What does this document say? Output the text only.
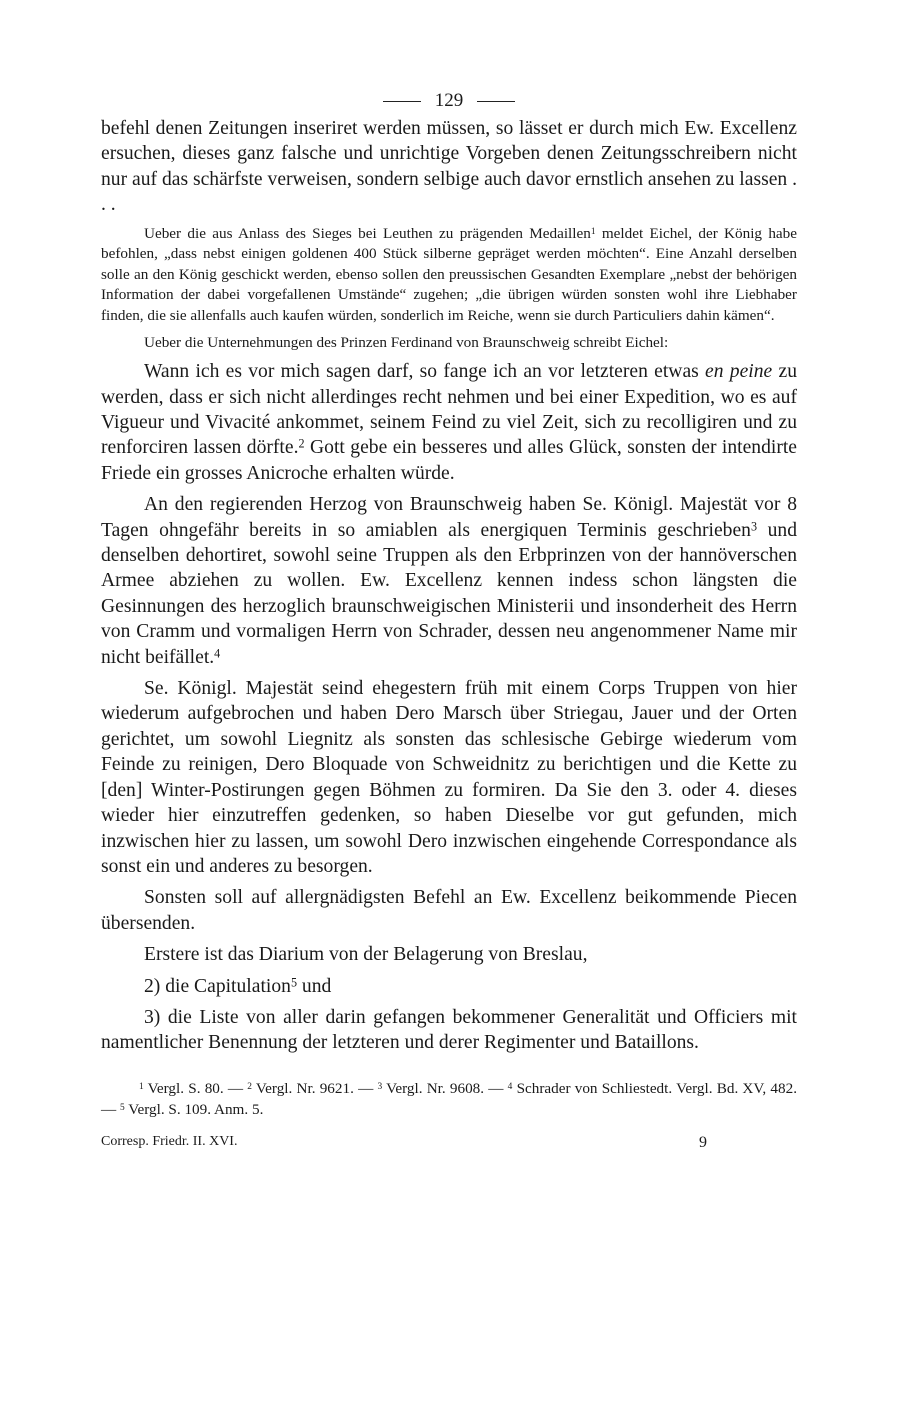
129

befehl denen Zeitungen inseriret werden müssen, so lässet er durch mich Ew. Excellenz ersuchen, dieses ganz falsche und unrichtige Vorgeben denen Zeitungsschreibern nicht nur auf das schärfste verweisen, sondern selbige auch davor ernstlich ansehen zu lassen . . .

Ueber die aus Anlass des Sieges bei Leuthen zu prägenden Medaillen$^1$ meldet Eichel, der König habe befohlen, „dass nebst einigen goldenen 400 Stück silberne gepräget werden möchten“. Eine Anzahl derselben solle an den König geschickt werden, ebenso sollen den preussischen Gesandten Exemplare „nebst der behörigen Information der dabei vorgefallenen Umstände“ zugehen; „die übrigen würden sonsten wohl ihre Liebhaber finden, die sie allenfalls auch kaufen würden, sonderlich im Reiche, wenn sie durch Particuliers dahin kämen“.

Ueber die Unternehmungen des Prinzen Ferdinand von Braunschweig schreibt Eichel:

Wann ich es vor mich sagen darf, so fange ich an vor letzteren etwas en peine zu werden, dass er sich nicht allerdinges recht nehmen und bei einer Expedition, wo es auf Vigueur und Vivacité ankommet, seinem Feind zu viel Zeit, sich zu recolligiren und zu renforciren lassen dörfte.$^2$ Gott gebe ein besseres und alles Glück, sonsten der intendirte Friede ein grosses Anicroche erhalten würde.

An den regierenden Herzog von Braunschweig haben Se. Königl. Majestät vor 8 Tagen ohngefähr bereits in so amiablen als energiquen Terminis geschrieben$^3$ und denselben dehortiret, sowohl seine Truppen als den Erbprinzen von der hannöverschen Armee abziehen zu wollen. Ew. Excellenz kennen indess schon längsten die Gesinnungen des herzoglich braunschweigischen Ministerii und insonderheit des Herrn von Cramm und vormaligen Herrn von Schrader, dessen neu angenommener Name mir nicht beifället.$^4$

Se. Königl. Majestät seind ehegestern früh mit einem Corps Truppen von hier wiederum aufgebrochen und haben Dero Marsch über Striegau, Jauer und der Orten gerichtet, um sowohl Liegnitz als sonsten das schlesische Gebirge wiederum vom Feinde zu reinigen, Dero Bloquade von Schweidnitz zu berichtigen und die Kette zu [den] Winter-Postirungen gegen Böhmen zu formiren. Da Sie den 3. oder 4. dieses wieder hier einzutreffen gedenken, so haben Dieselbe vor gut gefunden, mich inzwischen hier zu lassen, um sowohl Dero inzwischen eingehende Correspondance als sonst ein und anderes zu besorgen.

Sonsten soll auf allergnädigsten Befehl an Ew. Excellenz beikommende Piecen übersenden.

Erstere ist das Diarium von der Belagerung von Breslau,

2) die Capitulation$^5$ und

3) die Liste von aller darin gefangen bekommener Generalität und Officiers mit namentlicher Benennung der letzteren und derer Regimenter und Bataillons.

$^1$ Vergl. S. 80. — $^2$ Vergl. Nr. 9621. — $^3$ Vergl. Nr. 9608. — $^4$ Schrader von Schliestedt. Vergl. Bd. XV, 482. — $^5$ Vergl. S. 109. Anm. 5.

Corresp. Friedr. II. XVI.	9
